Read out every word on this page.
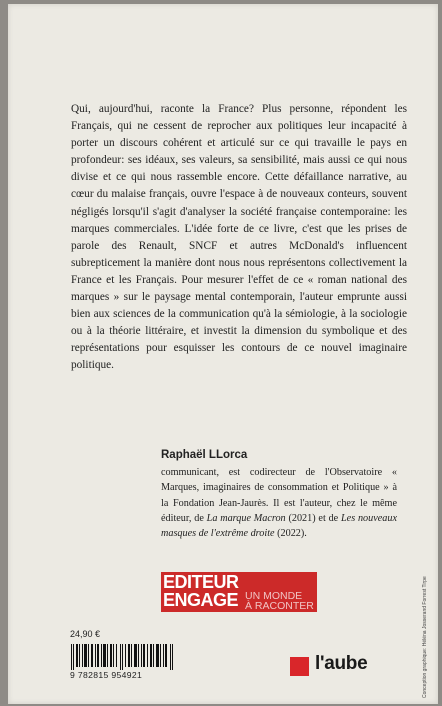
Qui, aujourd'hui, raconte la France? Plus personne, répondent les Français, qui ne cessent de reprocher aux politiques leur incapacité à porter un discours cohérent et articulé sur ce qui travaille le pays en profondeur: ses idéaux, ses valeurs, sa sensibilité, mais aussi ce qui nous divise et ce qui nous rassemble encore. Cette défaillance narrative, au cœur du malaise français, ouvre l'espace à de nouveaux conteurs, souvent négligés lorsqu'il s'agit d'analyser la société française contemporaine: les marques commerciales. L'idée forte de ce livre, c'est que les prises de parole des Renault, SNCF et autres McDonald's influencent subrepticement la manière dont nous nous représentons collectivement la France et les Français. Pour mesurer l'effet de ce « roman national des marques » sur le paysage mental contemporain, l'auteur emprunte aussi bien aux sciences de la communication qu'à la sémiologie, à la sociologie ou à la théorie littéraire, et investit la dimension du symbolique et des représentations pour esquisser les contours de ce nouvel imaginaire politique.

Raphaël LLorca

communicant, est codirecteur de l'Observatoire « Marques, imaginaires de consommation et Politique » à la Fondation Jean-Jaurès. Il est l'auteur, chez le même éditeur, de La marque Macron (2021) et de Les nouveaux masques de l'extrême droite (2022).

EDITEUR
ENGAGE UN MONDE
À RACONTER
24,90 €
9 782815 954921
l'aube	Conception graphique: Héléna Josserand Forrest Tirpe
